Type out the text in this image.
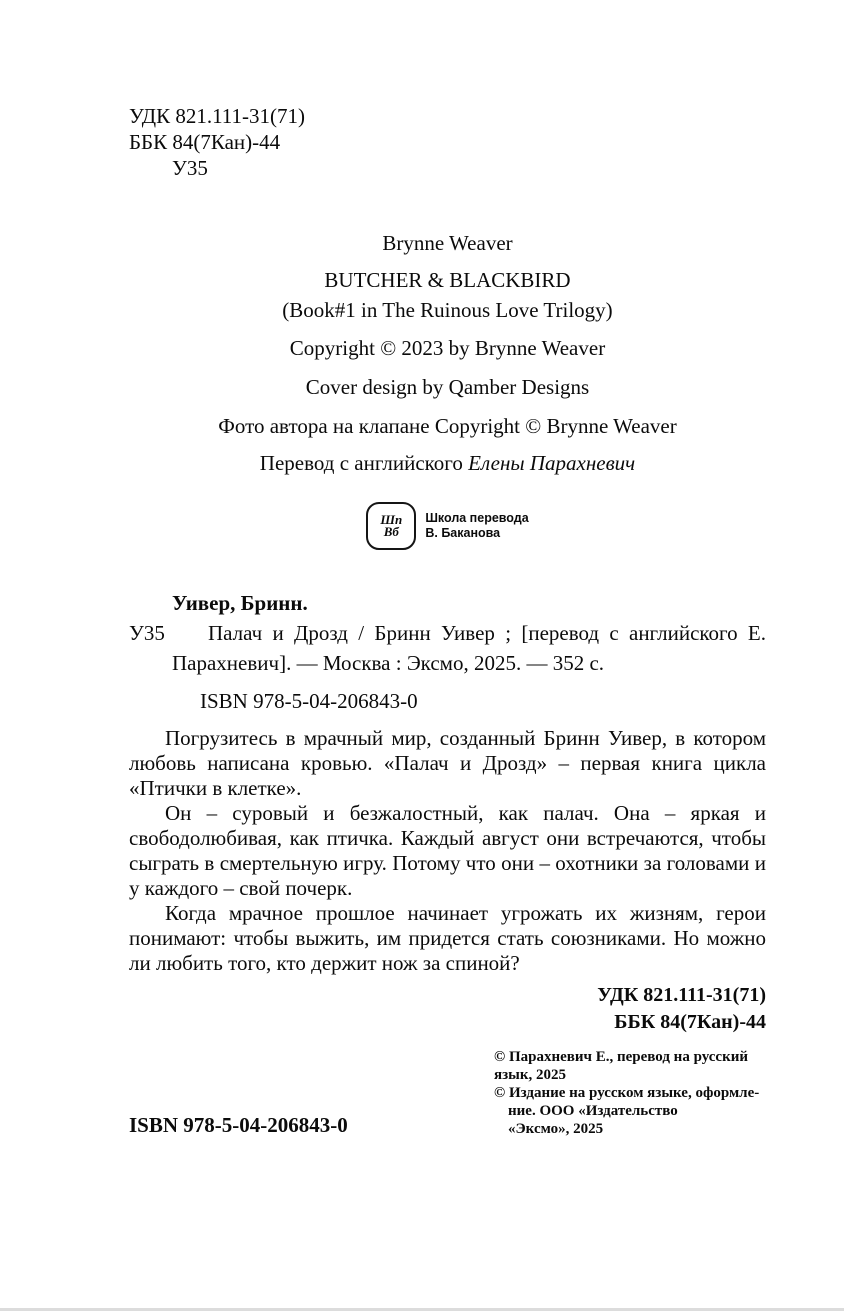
УДК 821.111-31(71)
ББК 84(7Кан)-44
У35
Brynne Weaver
BUTCHER & BLACKBIRD
(Book#1 in The Ruinous Love Trilogy)
Copyright © 2023 by Brynne Weaver
Cover design by Qamber Designs
Фото автора на клапане Copyright © Brynne Weaver
Перевод с английского Елены Парахневич
Шп
Вб
Школа перевода
В. Баканова
Уивер, Бринн.
У35	Палач и Дрозд / Бринн Уивер ; [перевод с английского Е. Парахневич]. — Москва : Эксмо, 2025. — 352 с.
ISBN 978-5-04-206843-0

Погрузитесь в мрачный мир, созданный Бринн Уивер, в котором любовь написана кровью. «Палач и Дрозд» – первая книга цикла «Птички в клетке».

Он – суровый и безжалостный, как палач. Она – яркая и свободолюбивая, как птичка. Каждый август они встречаются, чтобы сыграть в смертельную игру. Потому что они – охотники за головами и у каждого – свой почерк.

Когда мрачное прошлое начинает угрожать их жизням, герои понимают: чтобы выжить, им придется стать союзниками. Но можно ли любить того, кто держит нож за спиной?

УДК 821.111-31(71)
ББК 84(7Кан)-44
© Парахневич Е., перевод на русский
язык, 2025
© Издание на русском языке, оформле-
ние. ООО «Издательство
«Эксмо», 2025
ISBN 978-5-04-206843-0
